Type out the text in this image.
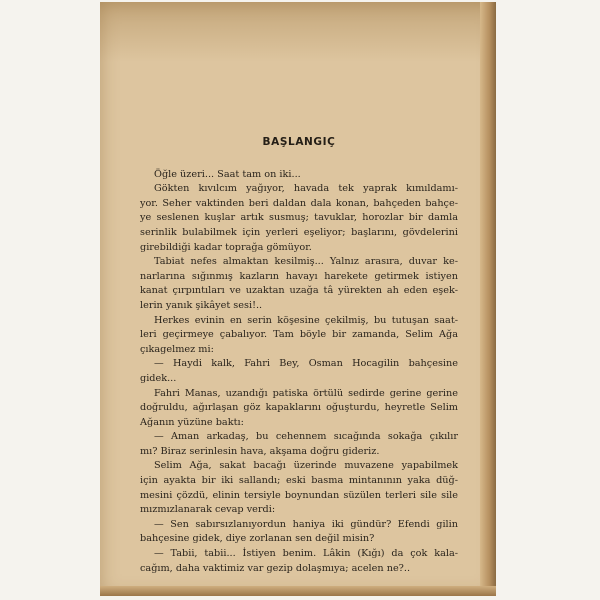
BAŞLANGIÇ
Öğle üzeri... Saat tam on iki...
Gökten kıvılcım yağıyor, havada tek yaprak kımıldamı-
yor. Seher vaktinden beri daldan dala konan, bahçeden bahçe-
ye seslenen kuşlar artık susmuş; tavuklar, horozlar bir damla
serinlik bulabilmek için yerleri eşeliyor; başlarını, gövdelerini
girebildiği kadar toprağa gömüyor.
Tabiat nefes almaktan kesilmiş... Yalnız arasıra, duvar ke-
narlarına sığınmış kazların havayı harekete getirmek istiyen
kanat çırpıntıları ve uzaktan uzağa tâ yürekten ah eden eşek-
lerin yanık şikâyet sesi!..
Herkes evinin en serin köşesine çekilmiş, bu tutuşan saat-
leri geçirmeye çabalıyor. Tam böyle bir zamanda, Selim Ağa
çıkagelmez mi:
— Haydi kalk, Fahri Bey, Osman Hocagilin bahçesine
gidek...
Fahri Manas, uzandığı patiska örtülü sedirde gerine gerine
doğruldu, ağırlaşan göz kapaklarını oğuşturdu, heyretle Selim
Ağanın yüzüne baktı:
— Aman arkadaş, bu cehennem sıcağında sokağa çıkılır
mı? Biraz serinlesin hava, akşama doğru gideriz.
Selim Ağa, sakat bacağı üzerinde muvazene yapabilmek
için ayakta bir iki sallandı; eski basma mintanının yaka düğ-
mesini çözdü, elinin tersiyle boynundan süzülen terleri sile sile
mızmızlanarak cevap verdi:
— Sen sabırsızlanıyordun haniya iki gündür? Efendi gilin
bahçesine gidek, diye zorlanan sen değil misin?
— Tabii, tabii... İstiyen benim. Lâkin (Kığı) da çok kala-
cağım, daha vaktimiz var gezip dolaşmıya; acelen ne?..
